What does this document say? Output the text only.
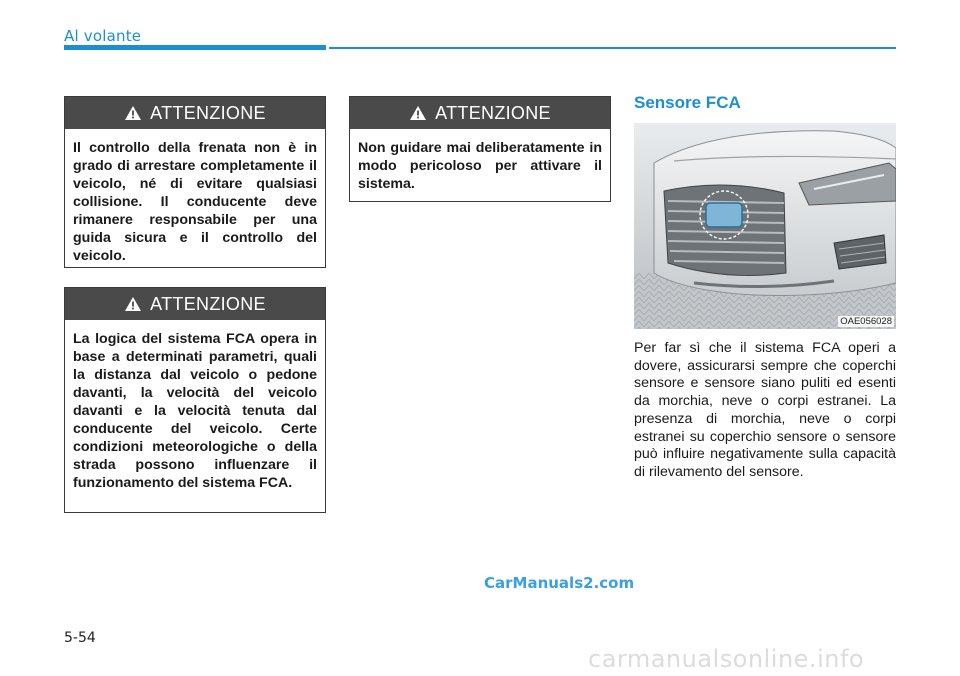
Al volante
ATTENZIONE
Il controllo della frenata non è in grado di arrestare completamente il veicolo, né di evitare qualsiasi collisione. Il conducente deve rimanere responsabile per una guida sicura e il controllo del veicolo.
ATTENZIONE
La logica del sistema FCA opera in base a determinati parametri, quali la distanza dal veicolo o pedone davanti, la velocità del veicolo davanti e la velocità tenuta dal conducente del veicolo. Certe condizioni meteorologiche o della strada possono influenzare il funzionamento del sistema FCA.
ATTENZIONE
Non guidare mai deliberatamente in modo pericoloso per attivare il sistema.
Sensore FCA
OAE056028
Per far sì che il sistema FCA operi a dovere, assicurarsi sempre che coperchi sensore e sensore siano puliti ed esenti da morchia, neve o corpi estranei. La presenza di morchia, neve o corpi estranei su coperchio sensore o sensore può influire negativamente sulla capacità di rilevamento del sensore.
CarManuals2.com
5-54
carmanualsonline.info
